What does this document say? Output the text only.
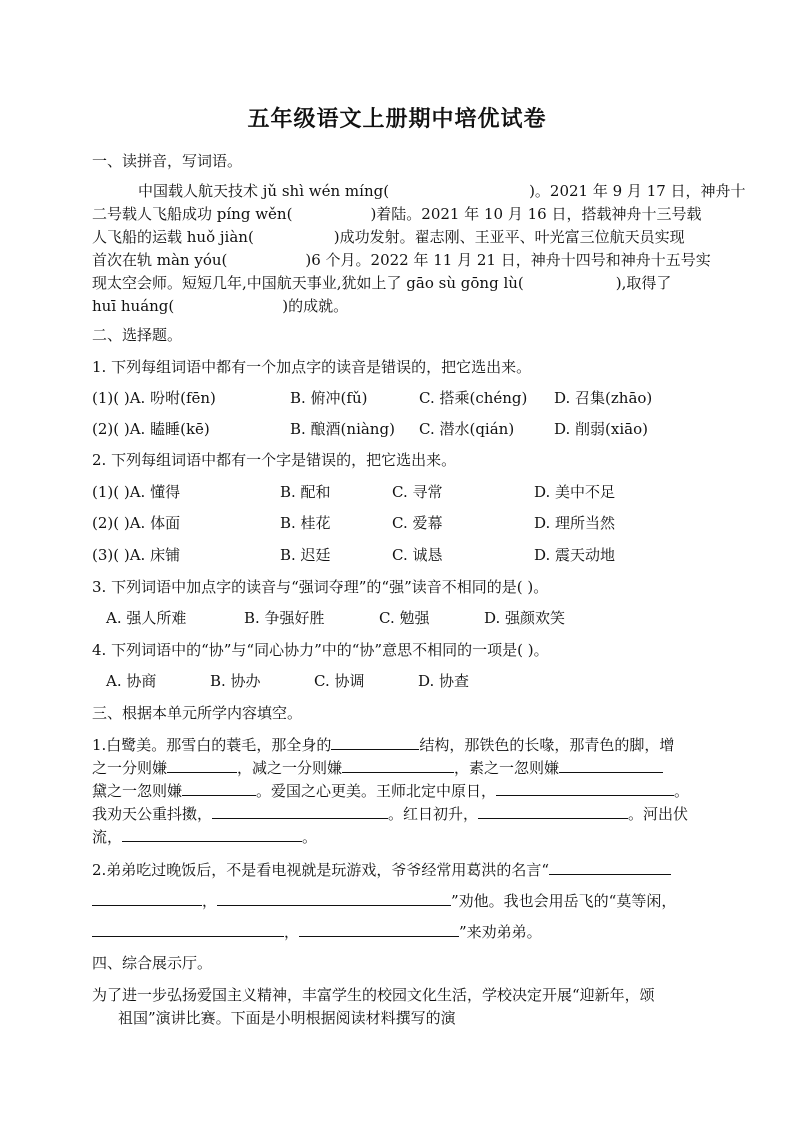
五年级语文上册期中培优试卷
一、读拼音，写词语。
中国载人航天技术 jǔ shì wén míng(	)。2021 年 9 月 17 日，神舟十
二号载人飞船成功 píng wěn(	)着陆。2021 年 10 月 16 日，搭载神舟十三号载
人飞船的运载 huǒ jiàn(	)成功发射。翟志刚、王亚平、叶光富三位航天员实现
首次在轨 màn yóu(	)6 个月。2022 年 11 月 21 日，神舟十四号和神舟十五号实
现太空会师。短短几年,中国航天事业,犹如上了 gāo sù gōng lù(	),取得了
huī huáng(	)的成就。
二、选择题。
1. 下列每组词语中都有一个加点字的读音是错误的，把它选出来。
(1)( )A. 吩咐(fēn)	B. 俯冲(fǔ)	C. 搭乘(chéng) D. 召集(zhāo)
(2)( )A. 瞌睡(kē)	B. 酿酒(niàng) C. 潜水(qián)	D. 削弱(xiāo)
2. 下列每组词语中都有一个字是错误的，把它选出来。
(1)( )A. 懂得	B. 配和	C. 寻常	D. 美中不足
(2)( )A. 体面	B. 桂花	C. 爱幕	D. 理所当然
(3)( )A. 床铺	B. 迟廷	C. 诚恳	D. 震天动地
3. 下列词语中加点字的读音与“强词夺理”的“强”读音不相同的是( )。
A. 强人所难	B. 争强好胜	C. 勉强	D. 强颜欢笑
4. 下列词语中的“协”与“同心协力”中的“协”意思不相同的一项是( )。
A. 协商	B. 协办	C. 协调	D. 协查
三、根据本单元所学内容填空。
1.白鹭美。那雪白的蓑毛，那全身的	结构，那铁色的长喙，那青色的脚，增
之一分则嫌	，减之一分则嫌	，素之一忽则嫌
黛之一忽则嫌	。爱国之心更美。王师北定中原日，	。
我劝天公重抖擞，	。红日初升，	。河出伏
流，	。
2.弟弟吃过晚饭后，不是看电视就是玩游戏，爷爷经常用葛洪的名言“
，	”劝他。我也会用岳飞的“莫等闲，
，	”来劝弟弟。
四、综合展示厅。
为了进一步弘扬爱国主义精神，丰富学生的校园文化生活，学校决定开展“迎新年，颂
祖国”演讲比赛。下面是小明根据阅读材料撰写的演
